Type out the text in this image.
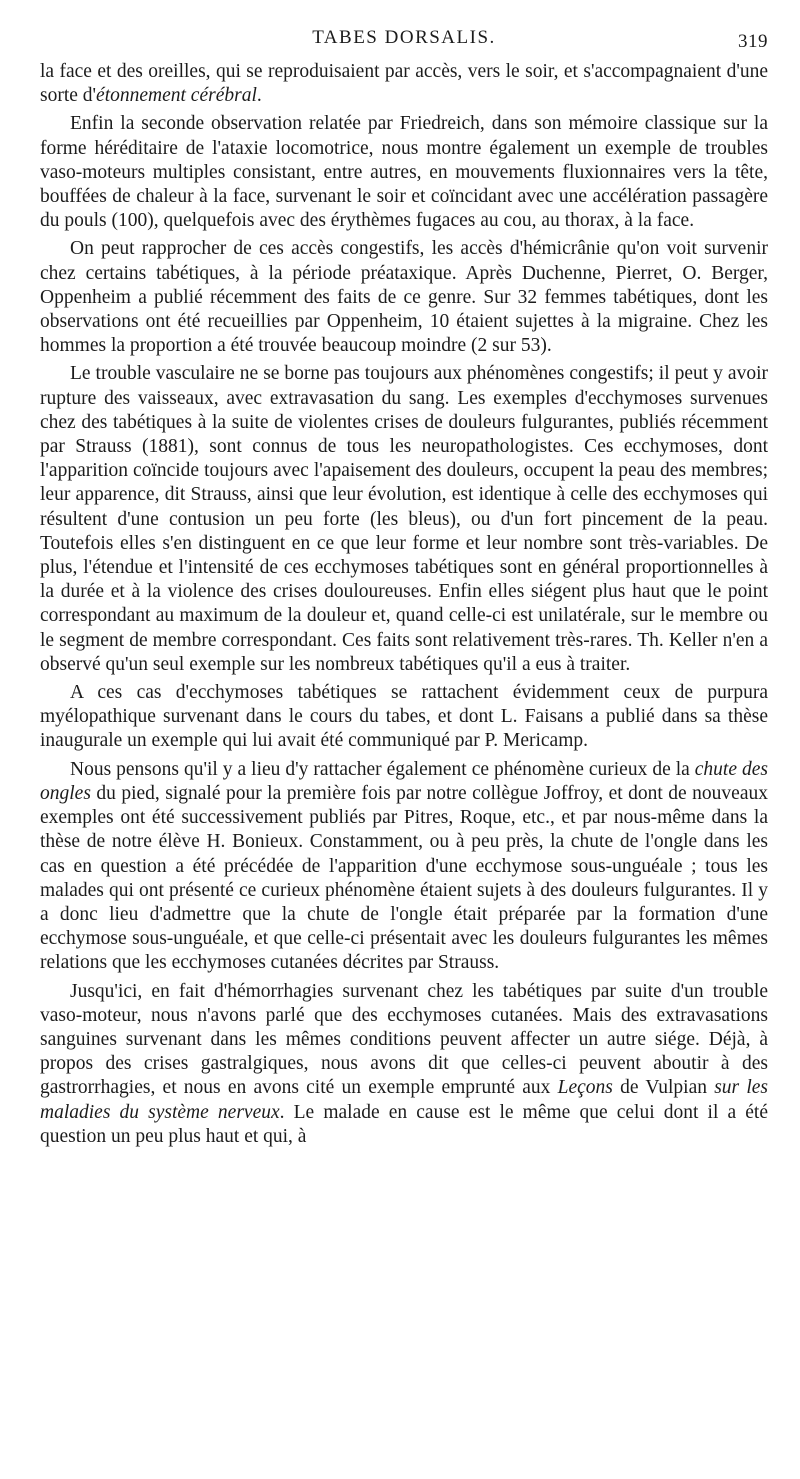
TABES DORSALIS.	319

la face et des oreilles, qui se reproduisaient par accès, vers le soir, et s'accompagnaient d'une sorte d'étonnement cérébral.

Enfin la seconde observation relatée par Friedreich, dans son mémoire classique sur la forme héréditaire de l'ataxie locomotrice, nous montre également un exemple de troubles vaso-moteurs multiples consistant, entre autres, en mouvements fluxionnaires vers la tête, bouffées de chaleur à la face, survenant le soir et coïncidant avec une accélération passagère du pouls (100), quelquefois avec des érythèmes fugaces au cou, au thorax, à la face.

On peut rapprocher de ces accès congestifs, les accès d'hémicrânie qu'on voit survenir chez certains tabétiques, à la période préataxique. Après Duchenne, Pierret, O. Berger, Oppenheim a publié récemment des faits de ce genre. Sur 32 femmes tabétiques, dont les observations ont été recueillies par Oppenheim, 10 étaient sujettes à la migraine. Chez les hommes la proportion a été trouvée beaucoup moindre (2 sur 53).

Le trouble vasculaire ne se borne pas toujours aux phénomènes congestifs; il peut y avoir rupture des vaisseaux, avec extravasation du sang. Les exemples d'ecchymoses survenues chez des tabétiques à la suite de violentes crises de douleurs fulgurantes, publiés récemment par Strauss (1881), sont connus de tous les neuropathologistes. Ces ecchymoses, dont l'apparition coïncide toujours avec l'apaisement des douleurs, occupent la peau des membres; leur apparence, dit Strauss, ainsi que leur évolution, est identique à celle des ecchymoses qui résultent d'une contusion un peu forte (les bleus), ou d'un fort pincement de la peau. Toutefois elles s'en distinguent en ce que leur forme et leur nombre sont très-variables. De plus, l'étendue et l'intensité de ces ecchymoses tabétiques sont en général proportionnelles à la durée et à la violence des crises douloureuses. Enfin elles siégent plus haut que le point correspondant au maximum de la douleur et, quand celle-ci est unilatérale, sur le membre ou le segment de membre correspondant. Ces faits sont relativement très-rares. Th. Keller n'en a observé qu'un seul exemple sur les nombreux tabétiques qu'il a eus à traiter.

A ces cas d'ecchymoses tabétiques se rattachent évidemment ceux de purpura myélopathique survenant dans le cours du tabes, et dont L. Faisans a publié dans sa thèse inaugurale un exemple qui lui avait été communiqué par P. Mericamp.

Nous pensons qu'il y a lieu d'y rattacher également ce phénomène curieux de la chute des ongles du pied, signalé pour la première fois par notre collègue Joffroy, et dont de nouveaux exemples ont été successivement publiés par Pitres, Roque, etc., et par nous-même dans la thèse de notre élève H. Bonieux. Constamment, ou à peu près, la chute de l'ongle dans les cas en question a été précédée de l'apparition d'une ecchymose sous-unguéale ; tous les malades qui ont présenté ce curieux phénomène étaient sujets à des douleurs fulgurantes. Il y a donc lieu d'admettre que la chute de l'ongle était préparée par la formation d'une ecchymose sous-unguéale, et que celle-ci présentait avec les douleurs fulgurantes les mêmes relations que les ecchymoses cutanées décrites par Strauss.

Jusqu'ici, en fait d'hémorrhagies survenant chez les tabétiques par suite d'un trouble vaso-moteur, nous n'avons parlé que des ecchymoses cutanées. Mais des extravasations sanguines survenant dans les mêmes conditions peuvent affecter un autre siége. Déjà, à propos des crises gastralgiques, nous avons dit que celles-ci peuvent aboutir à des gastrorrhagies, et nous en avons cité un exemple emprunté aux Leçons de Vulpian sur les maladies du système nerveux. Le malade en cause est le même que celui dont il a été question un peu plus haut et qui, à
